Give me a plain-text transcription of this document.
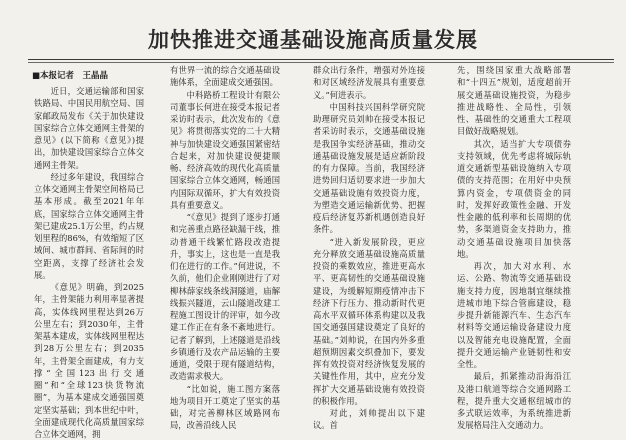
加快推进交通基础设施高质量发展
■本报记者　王晶晶

近日，交通运输部和国家铁路局、中国民用航空局、国家邮政局发布《关于加快建设国家综合立体交通网主骨架的意见》(以下简称《意见》)提出，加快建设国家综合立体交通网主骨架。

经过多年建设，我国综合立体交通网主骨架空间格局已基本形成。截至2021年年底，国家综合立体交通网主骨架已建成25.1万公里，约占规划里程的86%，有效缩短了区域间、城市群间、省际间的时空距离，支撑了经济社会发展。

《意见》明确，到2025年，主骨架能力利用率显著提高，实体线网里程达到26万公里左右；到2030年，主骨架基本建成，实体线网里程达到28万公里左右；到2035年，主骨架全面建成，有力支撑“全国123出行交通圈”和“全球123快货物流圈”，为基本建成交通强国奠定坚实基础；到本世纪中叶，全面建成现代化高质量国家综合立体交通网，拥

有世界一流的综合交通基础设施体系，全面建成交通强国。

中科路桥工程设计有限公司董事长何进在接受本报记者采访时表示，此次发布的《意见》将贯彻落实党的二十大精神与加快建设交通强国紧密结合起来，对加快建设便捷顺畅、经济高效的现代化高质量国家综合立体交通网，畅通国内国际双循环，扩大有效投资具有重要意义。

“《意见》提到了逐步打通和完善重点路径缺漏干线，推动普通干线繁忙路段改造提升，事实上，这也是一直是我们在进行的工作。”何进说，不久前，他们企业刚刚进行了对柳林薛家线条线洞隧道，庙解线振兴隧道，云山隧道改建工程施工图设计的评审，如今改建工作正在有条不紊地进行。记者了解到，上述隧道是沿线乡镇通行及农产品运输的主要通道，受限于现有隧道结构，改造需求极大。

“比如说，施工图方案落地为项目开工奠定了坚实的基础，对完善柳林区域路网布局，改善沿线人民

群众出行条件，增强对外连接和对区域经济发展具有重要意义。”何进表示。

中国科技兴国科学研究院助理研究员刘帅在接受本报记者采访时表示，交通基础设施是我国争实经济基础，推动交通基础设施发展是适应新阶段的有力保障。当前，我国经济进势回归适切要求进一步加大交通基础设施有效投资力度，为塑造交通运输新优势、把握疫后经济复苏新机遇创造良好条件。

“进入新发展阶段，更应充分释放交通基础设施高质量投资的乘数效应，推进更高水平、更高韧性的交通基础设施建设，为缓解短期疫情冲击下经济下行压力、推动新时代更高水平双循环体系构建以及我国交通强国建设奠定了良好的基础。”刘帅说，在国内外多重超预期因素交织叠加下，要发挥有效投资对经济恢复发展的关键性作用，其中，应充分发挥扩大交通基础设施有效投资的积极作用。

对此，刘帅提出以下建议。首

先，围绕国家重大战略部署和“十四五”规划，适度超前开展交通基础设施投资，为稳步推进战略性、全局性，引领性、基础性的交通重大工程项目做好战略规划。

其次，适当扩大专项债券支持领域，优先考虑将城际轨道交通新型基础设施纳入专项债的支持范围；在用好中央预算内资金，专项债资金的同时，发挥好政策性金融、开发性金融的低利率和长周期的优势，多渠道资金支持助力，推动交通基础设施项目加快落地。

再次，加大对水利、水运、公路、物流等交通基础设施支持力度，因地制宜继续推进城市地下综合管廊建设，稳步提升新能源汽车、生态汽车材料等交通运输设备建设力度以及智能充电设施配置，全面提升交通运输产业链韧性和安全性。

最后，抓紧推动沿海沿江及港口航道等综合交通网路工程，提升重大交通枢纽城市的多式联运效率，为系统推进新发展格局注入交通动力。
